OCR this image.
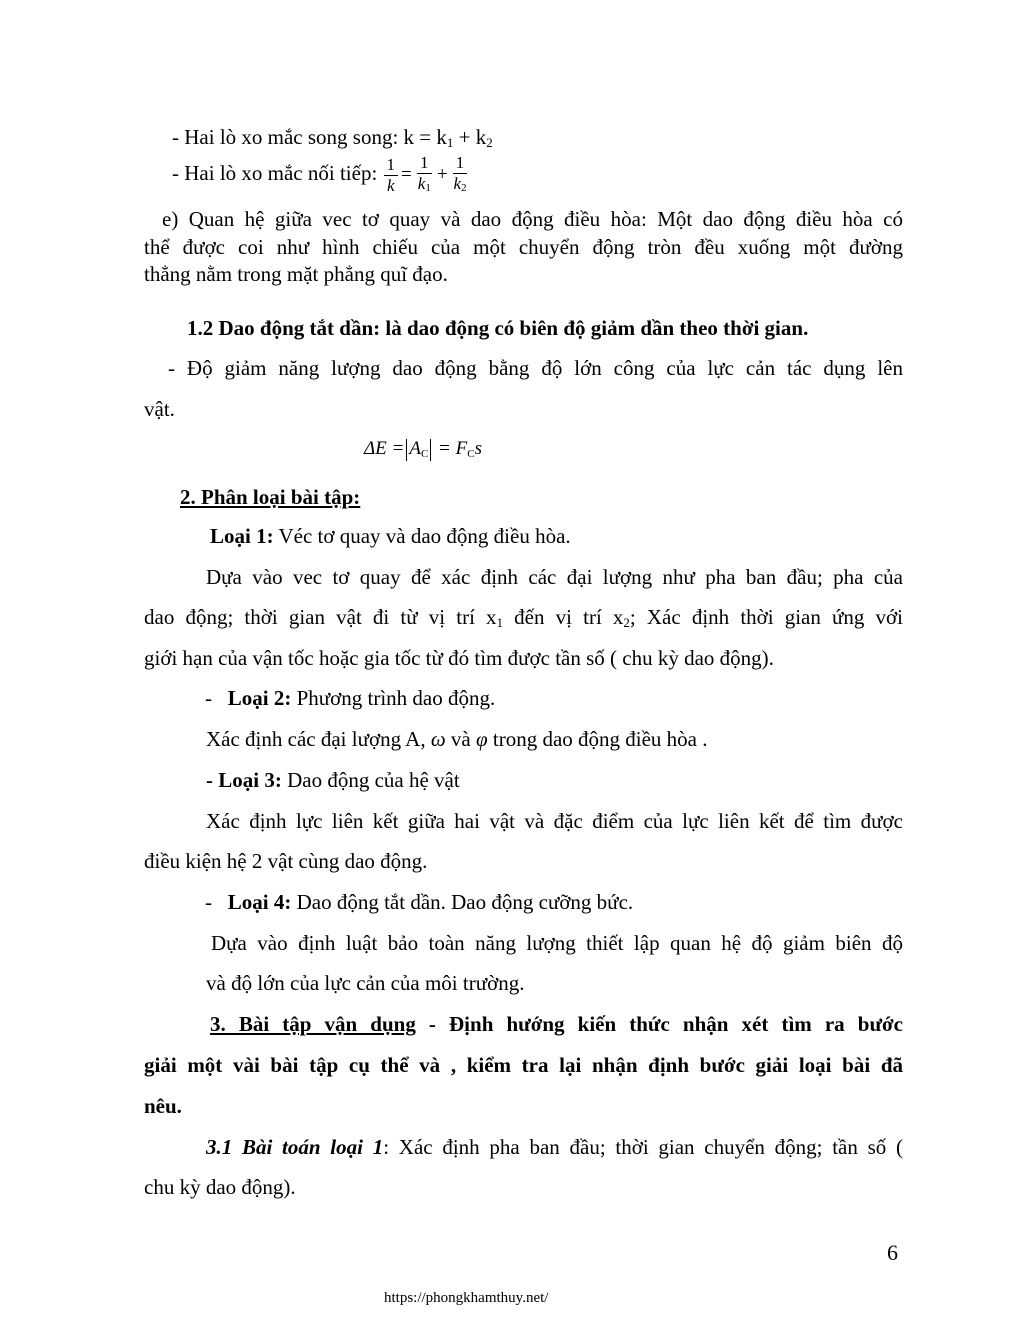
- Hai lò xo mắc song song: $k = k_1 + k_2$
- Hai lò xo mắc nối tiếp: $\frac{1}{k} = \frac{1}{k_1} + \frac{1}{k_2}$
e) Quan hệ giữa vec tơ quay và dao động điều hòa: Một dao động điều hòa có
thể được coi như hình chiếu của một chuyển động tròn đều xuống một đường
thẳng nằm trong mặt phẳng quĩ đạo.
1.2 Dao động tắt dần: là dao động có biên độ giảm dần theo thời gian.
- Độ giảm năng lượng dao động bằng độ lớn công của lực cản tác dụng lên
vật.
$\Delta E = A_C = F_Cs$
2. Phân loại bài tập:
Loại 1: Véc tơ quay và dao động điều hòa.
Dựa vào vec tơ quay để xác định các đại lượng như pha ban đầu; pha của
dao động; thời gian vật đi từ vị trí $x_1$ đến vị trí $x_2$; Xác định thời gian ứng với
giới hạn của vận tốc hoặc gia tốc từ đó tìm được tần số ( chu kỳ dao động).
- Loại 2: Phương trình dao động.
Xác định các đại lượng A, ω và φ trong dao động điều hòa .
- Loại 3: Dao động của hệ vật
Xác định lực liên kết giữa hai vật và đặc điểm của lực liên kết để tìm được
điều kiện hệ 2 vật cùng dao động.
- Loại 4: Dao động tắt dần. Dao động cưỡng bức.
Dựa vào định luật bảo toàn năng lượng thiết lập quan hệ độ giảm biên độ
và độ lớn của lực cản của môi trường.
3. Bài tập vận dụng - Định hướng kiến thức nhận xét tìm ra bước
giải một vài bài tập cụ thể và , kiểm tra lại nhận định bước giải loại bài đã
nêu.
3.1 Bài toán loại 1: Xác định pha ban đầu; thời gian chuyển động; tần số (
chu kỳ dao động).
6
https://phongkhamthuy.net/
